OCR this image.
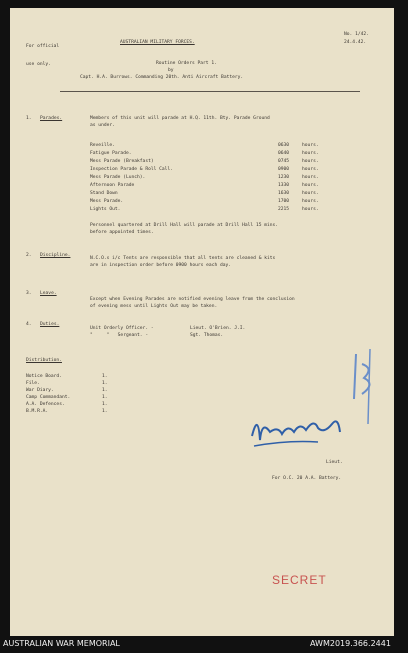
For official

use only.

AUSTRALIAN MILITARY FORCES.
No. 1/42.
24.4.42.
Routine Orders Part 1.
by
Capt. H.A. Burrows. Commanding 20th. Anti Aircraft Battery.
1. Parades.	Members of this unit will parade at H.Q. 11th. Bty. Parade Ground
as under.
Reveille.	0630	hours.
Fatigue Parade.	0640	hours.
Mess Parade (Breakfast)	0745	hours.
Inspection Parade & Roll Call.	0900	hours.
Mess Parade (Lunch).	1230	hours.
Afternoon Parade	1330	hours.
Stand Down	1630	hours.
Mess Parade.	1700	hours.
Lights Out.	2215	hours.
Personnel quartered at Drill Hall will parade at Drill Hall 15 mins.
before appointed times.
2. Discipline.
N.C.O.s i/c Tents are responsible that all tents are cleaned & kits
are in inspection order before 0900 hours each day.
3. Leave.
Except when Evening Parades are notified evening leave from the conclusion
of evening mess until Lights Out may be taken.
4. Duties.
Unit Orderly Officer. -	Lieut. O'Brien. J.I.
"     "   Sergeant. -	Sgt. Thomas.
Distribution.
Notice Board.	1.
File.	1.
War Diary.	1.
Camp Commandant.	1.
A.A. Defences.	1.
B.M.R.A.	1.
Lieut.
For O.C. 20 A.A. Battery.
SECRET
AUSTRALIAN WAR MEMORIAL	AWM2019.366.2441
